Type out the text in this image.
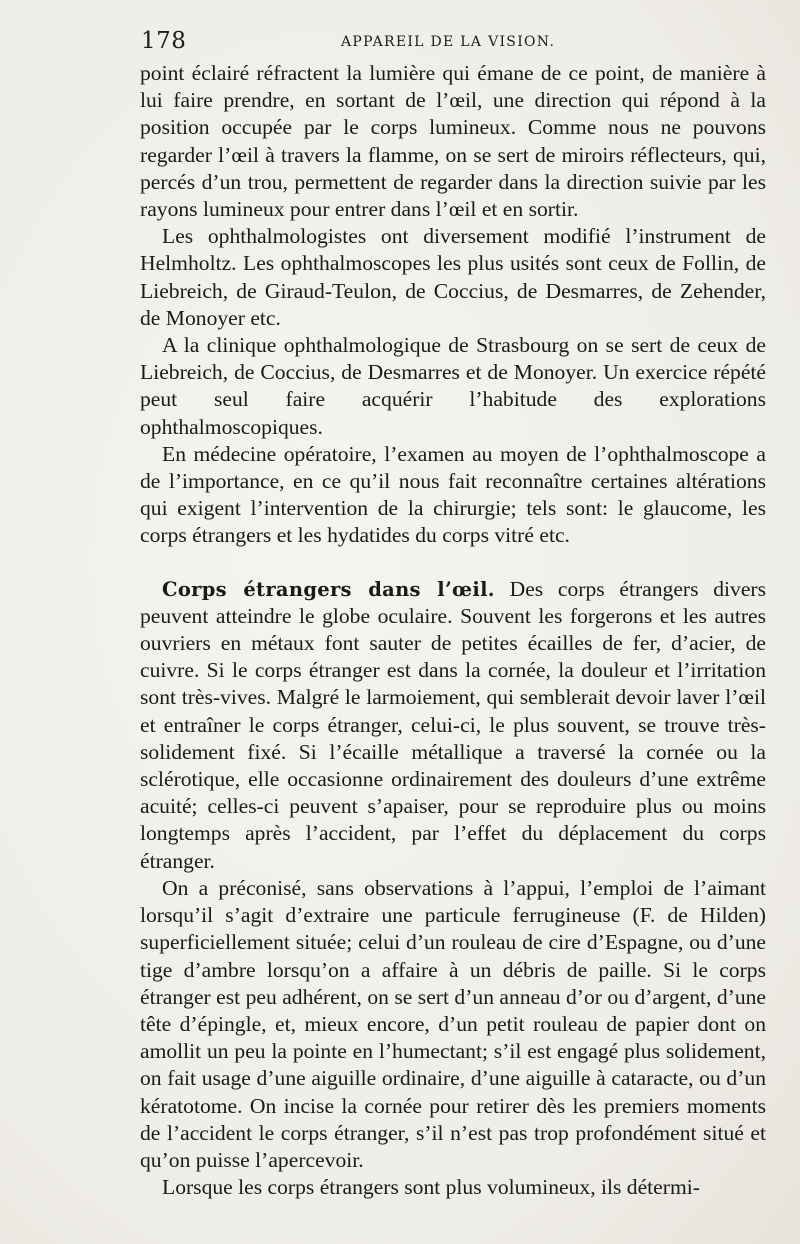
178	APPAREIL DE LA VISION.

point éclairé réfractent la lumière qui émane de ce point, de manière à lui faire prendre, en sortant de l’œil, une direction qui répond à la position occupée par le corps lumineux. Comme nous ne pouvons regarder l’œil à travers la flamme, on se sert de miroirs réflecteurs, qui, percés d’un trou, permettent de regarder dans la direction suivie par les rayons lumineux pour entrer dans l’œil et en sortir.

Les ophthalmologistes ont diversement modifié l’instrument de Helmholtz. Les ophthalmoscopes les plus usités sont ceux de Follin, de Liebreich, de Giraud-Teulon, de Coccius, de Desmarres, de Zehender, de Monoyer etc.

A la clinique ophthalmologique de Strasbourg on se sert de ceux de Liebreich, de Coccius, de Desmarres et de Monoyer. Un exercice répété peut seul faire acquérir l’habitude des explorations ophthalmoscopiques.

En médecine opératoire, l’examen au moyen de l’ophthalmoscope a de l’importance, en ce qu’il nous fait reconnaître certaines altérations qui exigent l’intervention de la chirurgie; tels sont: le glaucome, les corps étrangers et les hydatides du corps vitré etc.

Corps étrangers dans l’œil. Des corps étrangers divers peuvent atteindre le globe oculaire. Souvent les forgerons et les autres ouvriers en métaux font sauter de petites écailles de fer, d’acier, de cuivre. Si le corps étranger est dans la cornée, la douleur et l’irritation sont très-vives. Malgré le larmoiement, qui semblerait devoir laver l’œil et entraîner le corps étranger, celui-ci, le plus souvent, se trouve très-solidement fixé. Si l’écaille métallique a traversé la cornée ou la sclérotique, elle occasionne ordinairement des douleurs d’une extrême acuité; celles-ci peuvent s’apaiser, pour se reproduire plus ou moins longtemps après l’accident, par l’effet du déplacement du corps étranger.

On a préconisé, sans observations à l’appui, l’emploi de l’aimant lorsqu’il s’agit d’extraire une particule ferrugineuse (F. de Hilden) superficiellement située; celui d’un rouleau de cire d’Espagne, ou d’une tige d’ambre lorsqu’on a affaire à un débris de paille. Si le corps étranger est peu adhérent, on se sert d’un anneau d’or ou d’argent, d’une tête d’épingle, et, mieux encore, d’un petit rouleau de papier dont on amollit un peu la pointe en l’humectant; s’il est engagé plus solidement, on fait usage d’une aiguille ordinaire, d’une aiguille à cataracte, ou d’un kératotome. On incise la cornée pour retirer dès les premiers moments de l’accident le corps étranger, s’il n’est pas trop profondément situé et qu’on puisse l’apercevoir.

Lorsque les corps étrangers sont plus volumineux, ils détermi-
